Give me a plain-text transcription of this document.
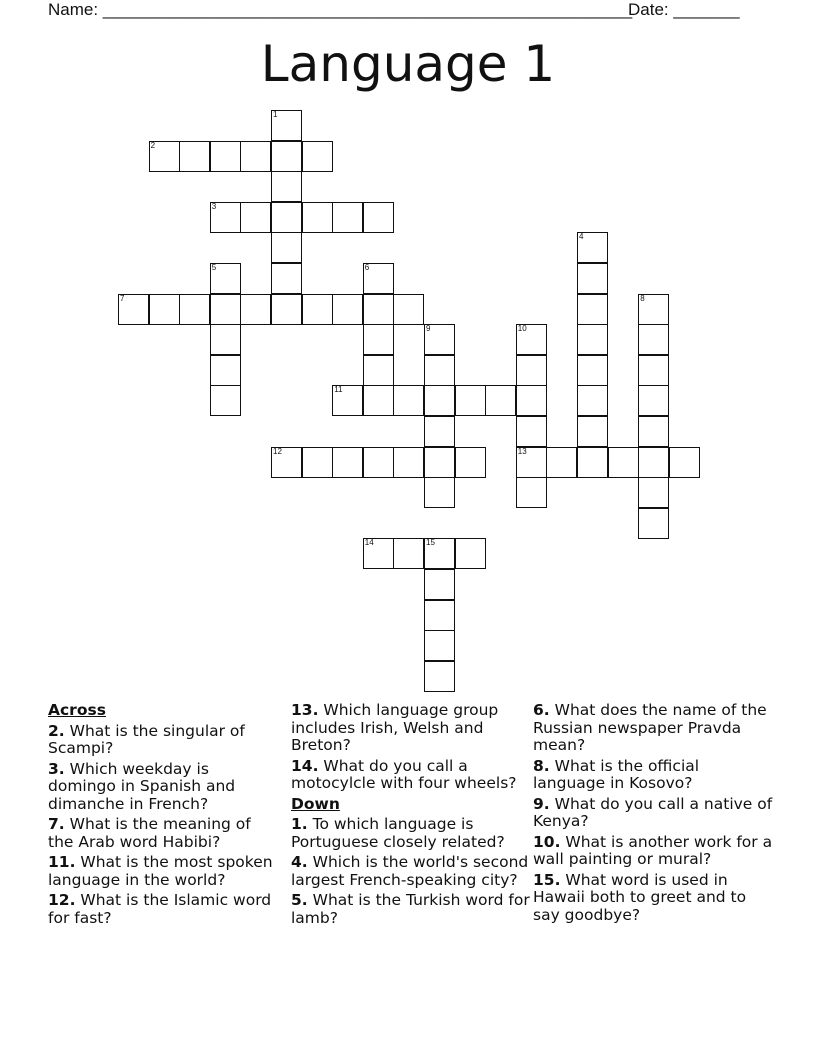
Name: ________________________________________________________
Date: _______
Language 1
1
2
3
4
5	6
7	8
9	10
13
11
12
14	15
Across
2. What is the singular of Scampi?
3. Which weekday is domingo in Spanish and dimanche in French?
7. What is the meaning of the Arab word Habibi?
11. What is the most spoken language in the world?
12. What is the Islamic word for fast?
13. Which language group includes Irish, Welsh and Breton?
14. What do you call a motocylcle with four wheels?
Down
1. To which language is Portuguese closely related?
4. Which is the world's second largest French-speaking city?
5. What is the Turkish word for lamb?
6. What does the name of the Russian newspaper Pravda mean?
8. What is the official language in Kosovo?
9. What do you call a native of Kenya?
10. What is another work for a wall painting or mural?
15. What word is used in Hawaii both to greet and to say goodbye?
